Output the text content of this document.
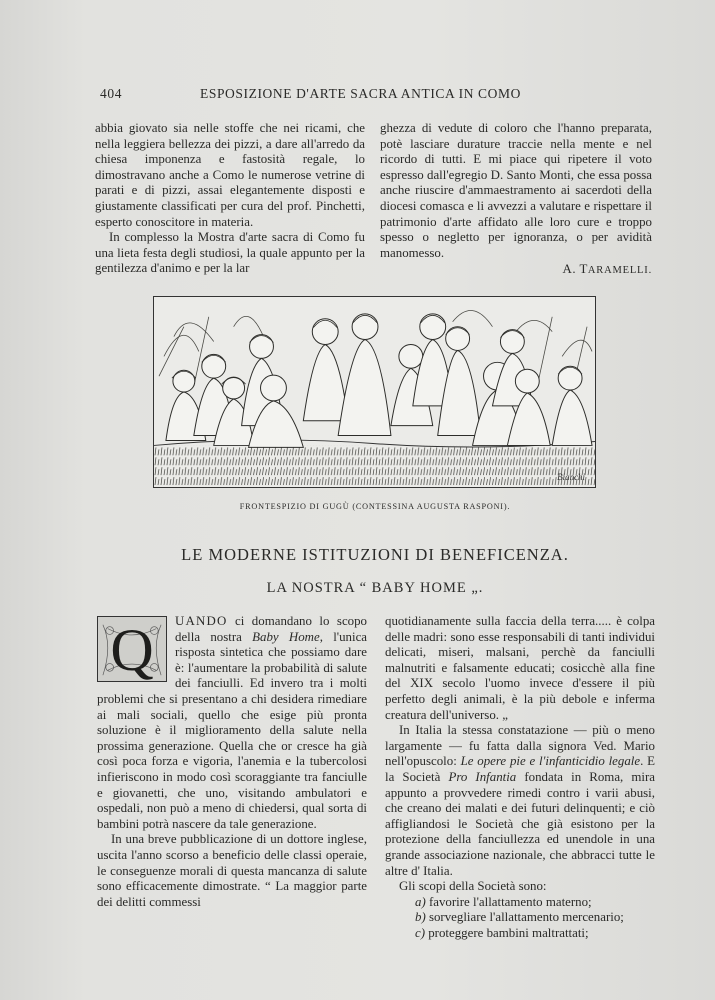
404	ESPOSIZIONE D'ARTE SACRA ANTICA IN COMO

abbia giovato sia nelle stoffe che nei ricami, che nella leggiera bellezza dei pizzi, a dare all'arredo da chiesa imponenza e fastosità regale, lo dimostravano anche a Como le numerose vetrine di parati e di pizzi, assai elegantemente disposti e giustamente classificati per cura del prof. Pinchetti, esperto conoscitore in materia.

In complesso la Mostra d'arte sacra di Como fu una lieta festa degli studiosi, la quale appunto per la gentilezza d'animo e per la lar

ghezza di vedute di coloro che l'hanno preparata, potè lasciare durature traccie nella mente e nel ricordo di tutti. E mi piace qui ripetere il voto espresso dall'egregio D. Santo Monti, che essa possa anche riuscire d'ammaestramento ai sacerdoti della diocesi comasca e li avvezzi a valutare e rispettare il patrimonio d'arte affidato alle loro cure e troppo spesso o negletto per ignoranza, o per avidità manomesso.

A. TARAMELLI.
Bianchi
FRONTESPIZIO DI GUGÙ (CONTESSINA AUGUSTA RASPONI).
LE MODERNE ISTITUZIONI DI BENEFICENZA.
LA NOSTRA “ BABY HOME „.
Q	UANDO ci domandano lo scopo della nostra Baby Home, l'unica risposta sintetica che possiamo dare è: l'aumentare la probabilità di salute dei fanciulli. Ed invero tra i molti problemi che si presentano a chi desidera rimediare ai mali sociali, quello che esige più pronta soluzione è il miglioramento della salute nella prossima generazione. Quella che or cresce ha già così poca forza e vigoria, l'anemia e la tubercolosi infieriscono in modo così scoraggiante tra fanciulle e giovanetti, che uno, visitando ambulatori e ospedali, non può a meno di chiedersi, qual sorta di bambini potrà nascere da tale generazione.

In una breve pubblicazione di un dottore inglese, uscita l'anno scorso a beneficio delle classi operaie, le conseguenze morali di questa mancanza di salute sono efficacemente dimostrate. “ La maggior parte dei delitti commessi

quotidianamente sulla faccia della terra..... è colpa delle madri: sono esse responsabili di tanti individui delicati, miseri, malsani, perchè da fanciulli malnutriti e falsamente educati; cosicchè alla fine del XIX secolo l'uomo invece d'essere il più perfetto degli animali, è la più debole e inferma creatura dell'universo. „

In Italia la stessa constatazione — più o meno largamente — fu fatta dalla signora Ved. Mario nell'opuscolo: Le opere pie e l'infanticidio legale. E la Società Pro Infantia fondata in Roma, mira appunto a provvedere rimedi contro i varii abusi, che creano dei malati e dei futuri delinquenti; e ciò affigliandosi le Società che già esistono per la protezione della fanciullezza ed unendole in una grande associazione nazionale, che abbracci tutte le altre d' Italia.

Gli scopi della Società sono:

a) favorire l'allattamento materno;

b) sorvegliare l'allattamento mercenario;

c) proteggere bambini maltrattati;
